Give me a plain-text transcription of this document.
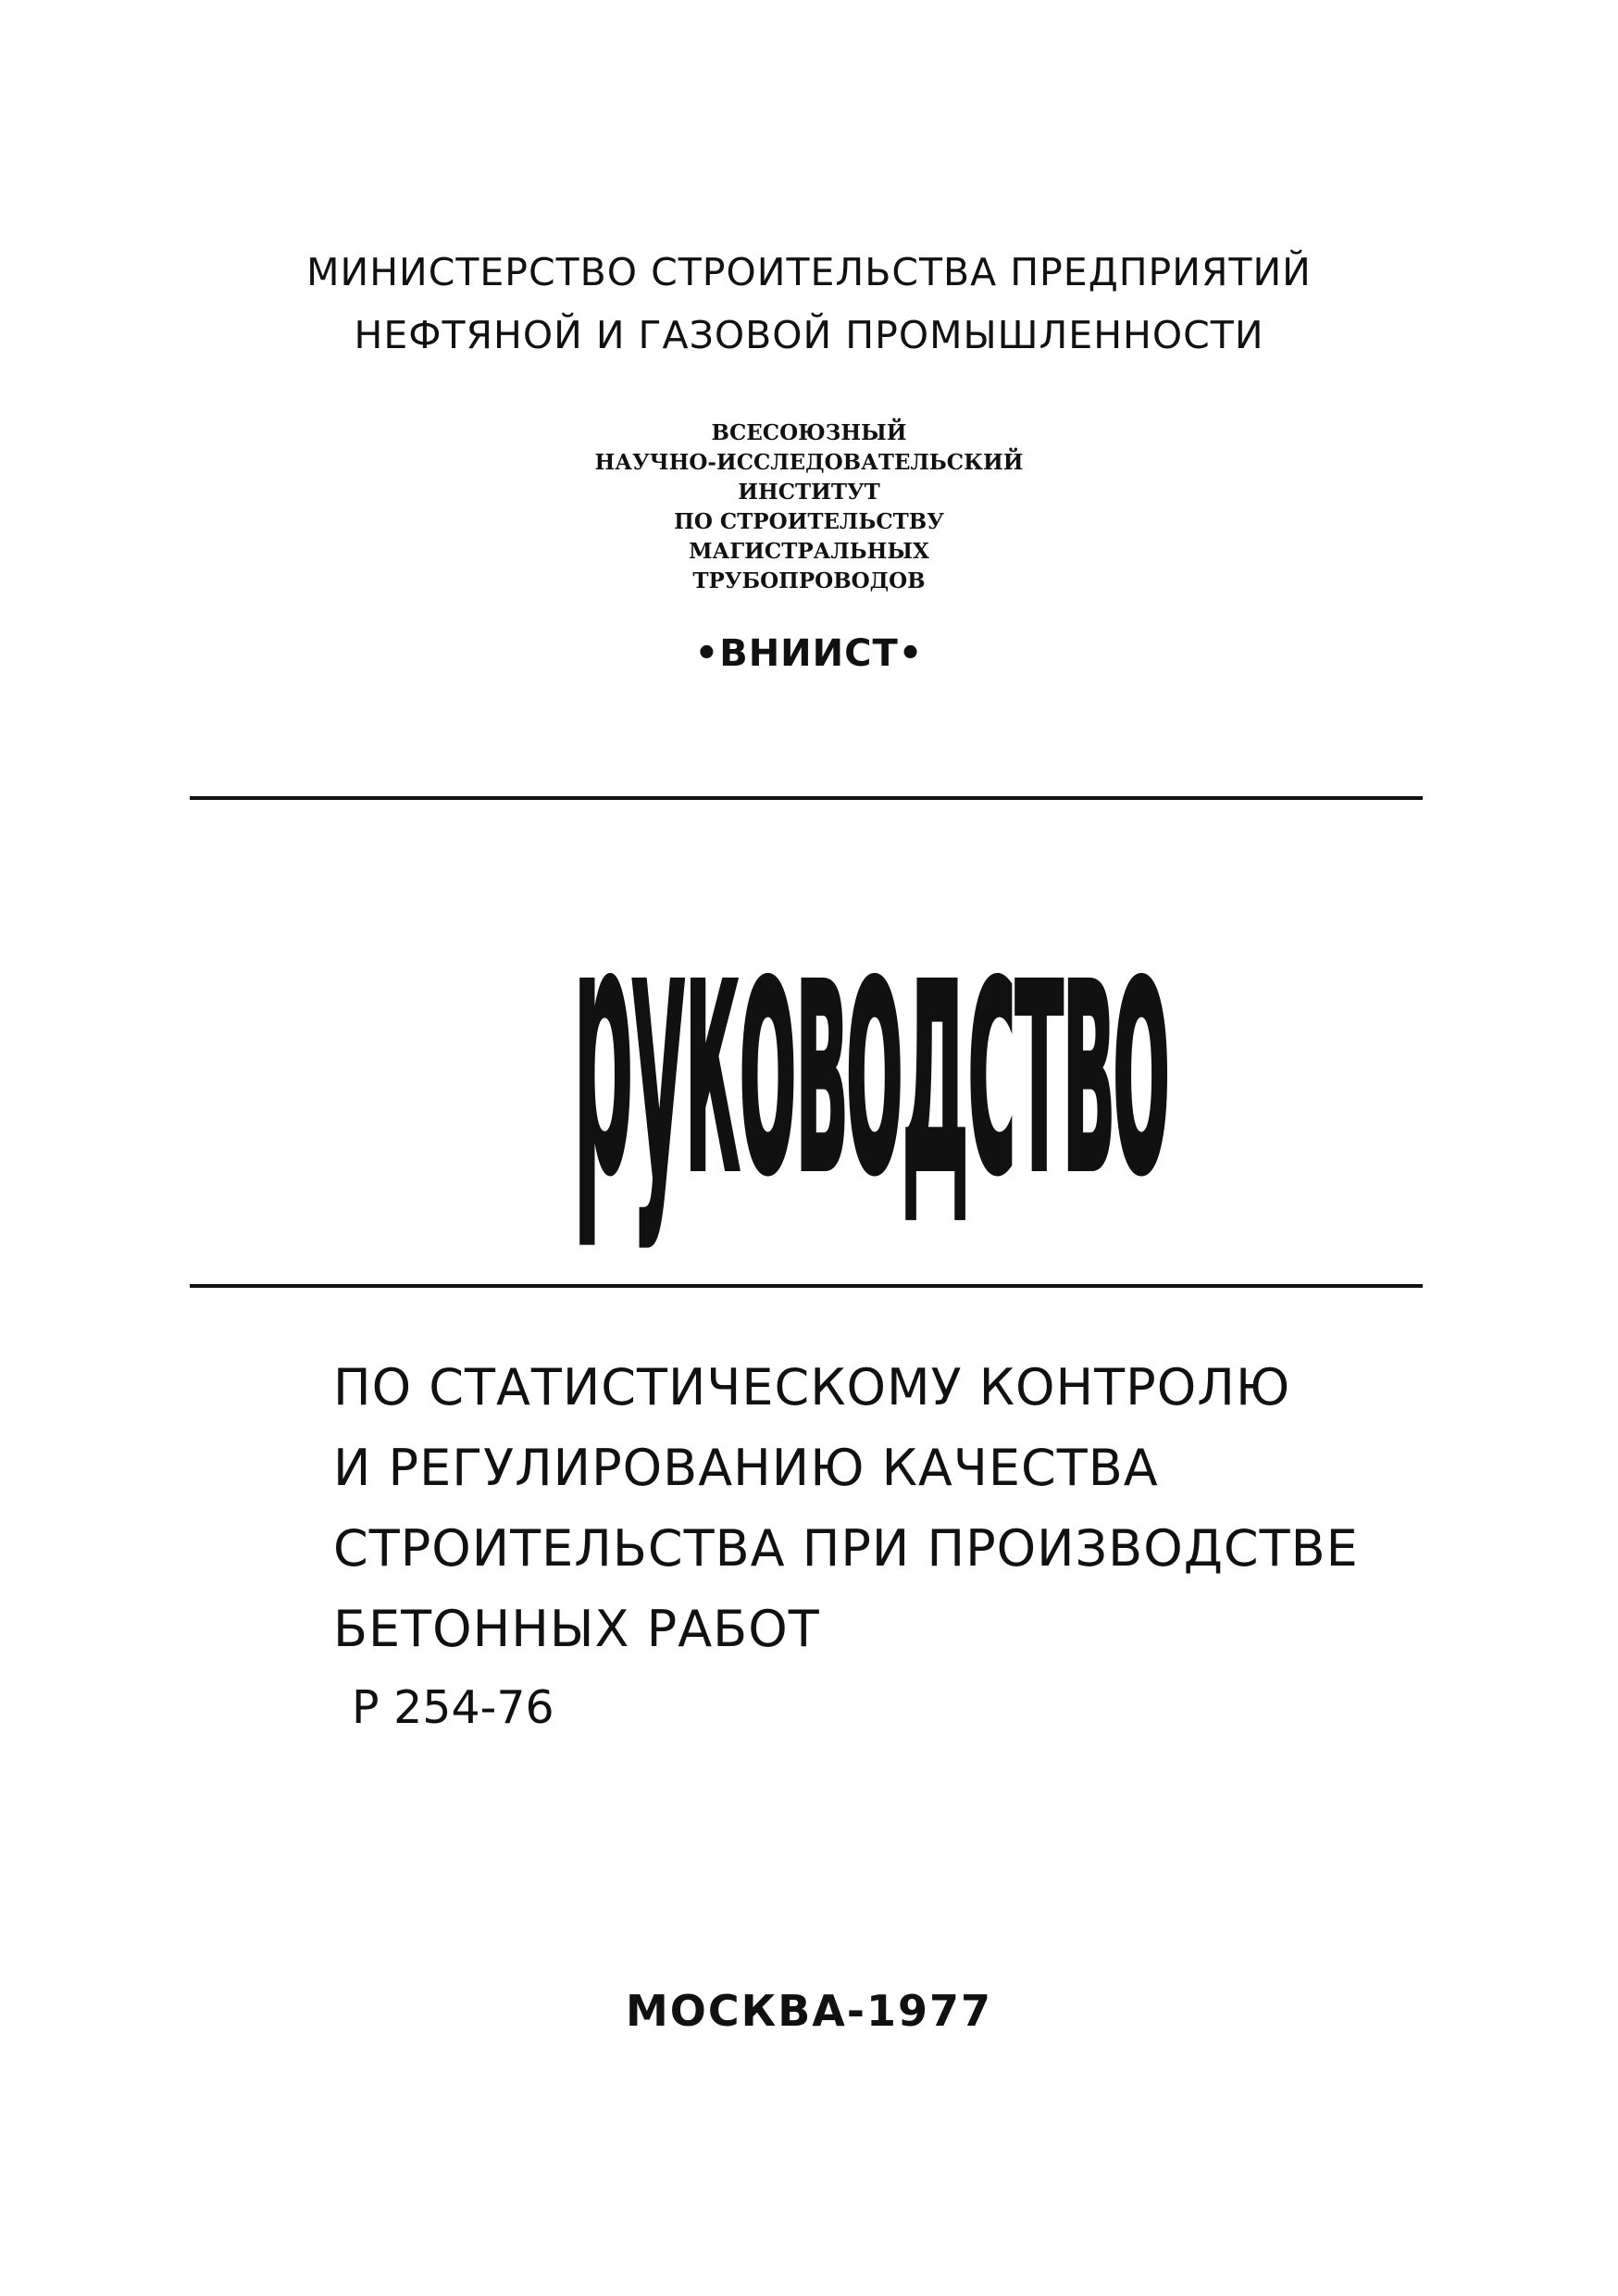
МИНИСТЕРСТВО СТРОИТЕЛЬСТВА ПРЕДПРИЯТИЙ
НЕФТЯНОЙ И ГАЗОВОЙ ПРОМЫШЛЕННОСТИ
ВСЕСОЮЗНЫЙ
НАУЧНО-ИССЛЕДОВАТЕЛЬСКИЙ
ИНСТИТУТ
ПО СТРОИТЕЛЬСТВУ
МАГИСТРАЛЬНЫХ
ТРУБОПРОВОДОВ
•ВНИИСТ•
руководство
ПО СТАТИСТИЧЕСКОМУ КОНТРОЛЮ
И РЕГУЛИРОВАНИЮ КАЧЕСТВА
СТРОИТЕЛЬСТВА ПРИ ПРОИЗВОДСТВЕ
БЕТОННЫХ РАБОТ
Р 254-76
МОСКВА-1977
